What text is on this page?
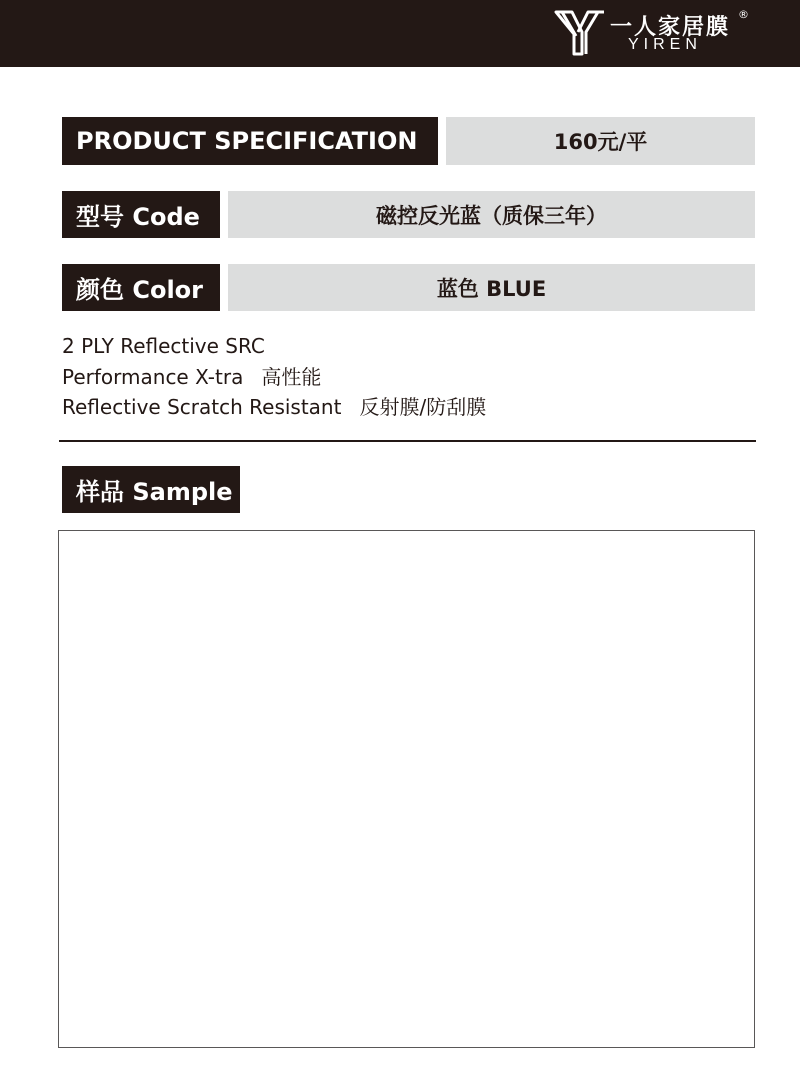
一人家居膜
®
YIREN
PRODUCT SPECIFICATION	160元/平
型号 Code	磁控反光蓝（质保三年）
颜色 Color	蓝色 BLUE
2 PLY Reflective SRC
Performance X-tra 高性能
Reflective Scratch Resistant 反射膜/防刮膜
样品 Sample
